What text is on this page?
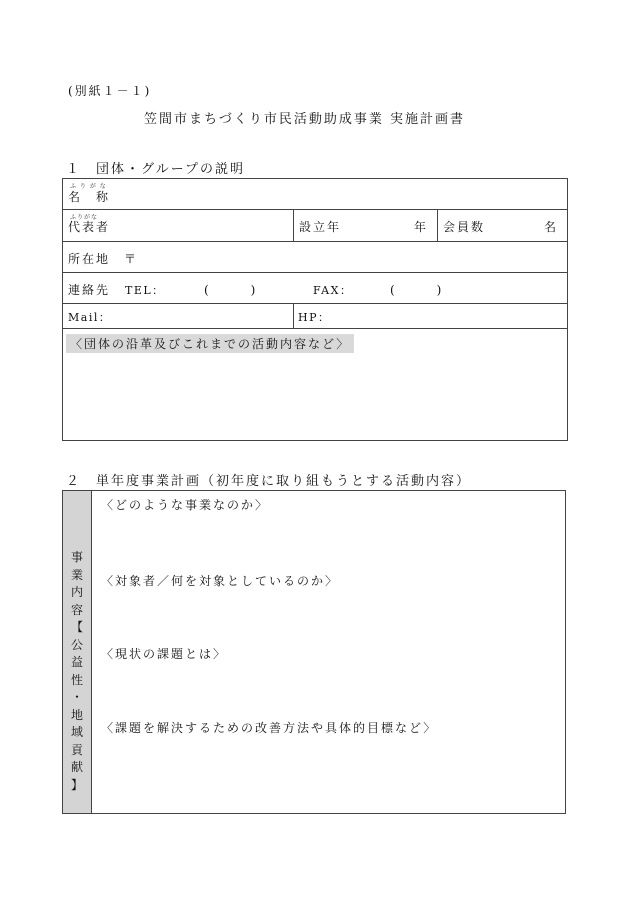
(別紙１－１)
笠間市まちづくり市民活動助成事業 実施計画書
１　団体・グループの説明
ふ り が な
名　称
ふりがな
代表者	設立年	年 会員数	名
所在地　〒
連絡先 TEL：	(　　)	FAX：	(　　)
Mail：	HP：
〈団体の沿革及びこれまでの活動内容など〉
２　単年度事業計画（初年度に取り組もうとする活動内容）
事
業
内
容
【
公
益
性
・
地
域
貢
献
】
〈どのような事業なのか〉
〈対象者／何を対象としているのか〉
〈現状の課題とは〉
〈課題を解決するための改善方法や具体的目標など〉
